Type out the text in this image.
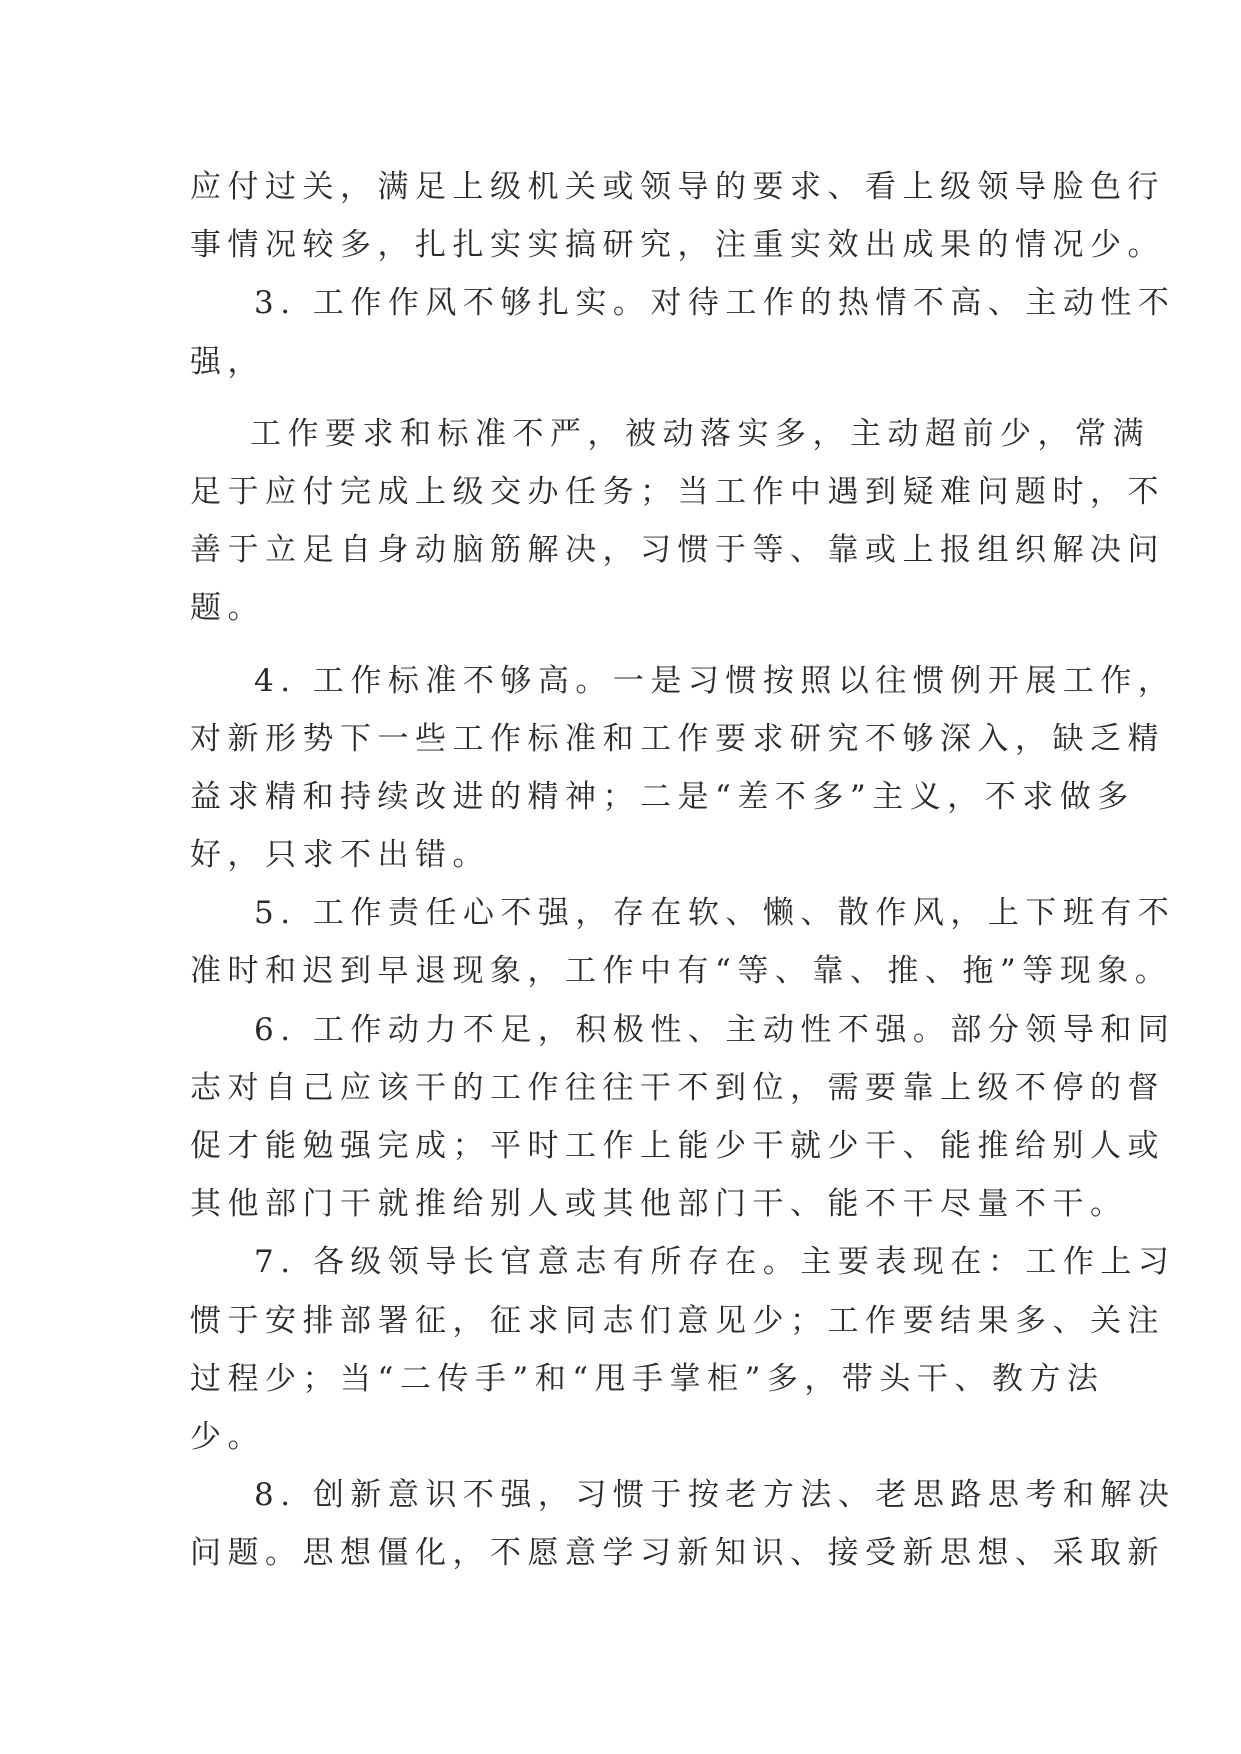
应付过关，满足上级机关或领导的要求、看上级领导脸色行
事情况较多，扎扎实实搞研究，注重实效出成果的情况少。
3. 工作作风不够扎实。对待工作的热情不高、主动性不
强，
工作要求和标准不严，被动落实多，主动超前少，常满
足于应付完成上级交办任务；当工作中遇到疑难问题时，不
善于立足自身动脑筋解决，习惯于等、靠或上报组织解决问
题。
4. 工作标准不够高。一是习惯按照以往惯例开展工作，
对新形势下一些工作标准和工作要求研究不够深入，缺乏精
益求精和持续改进的精神；二是“差不多”主义，不求做多
好，只求不出错。
5. 工作责任心不强，存在软、懒、散作风，上下班有不
准时和迟到早退现象，工作中有“等、靠、推、拖”等现象。
6. 工作动力不足，积极性、主动性不强。部分领导和同
志对自己应该干的工作往往干不到位，需要靠上级不停的督
促才能勉强完成；平时工作上能少干就少干、能推给别人或
其他部门干就推给别人或其他部门干、能不干尽量不干。
7. 各级领导长官意志有所存在。主要表现在：工作上习
惯于安排部署征，征求同志们意见少；工作要结果多、关注
过程少；当“二传手”和“甩手掌柜”多，带头干、教方法
少。
8. 创新意识不强，习惯于按老方法、老思路思考和解决
问题。思想僵化，不愿意学习新知识、接受新思想、采取新
